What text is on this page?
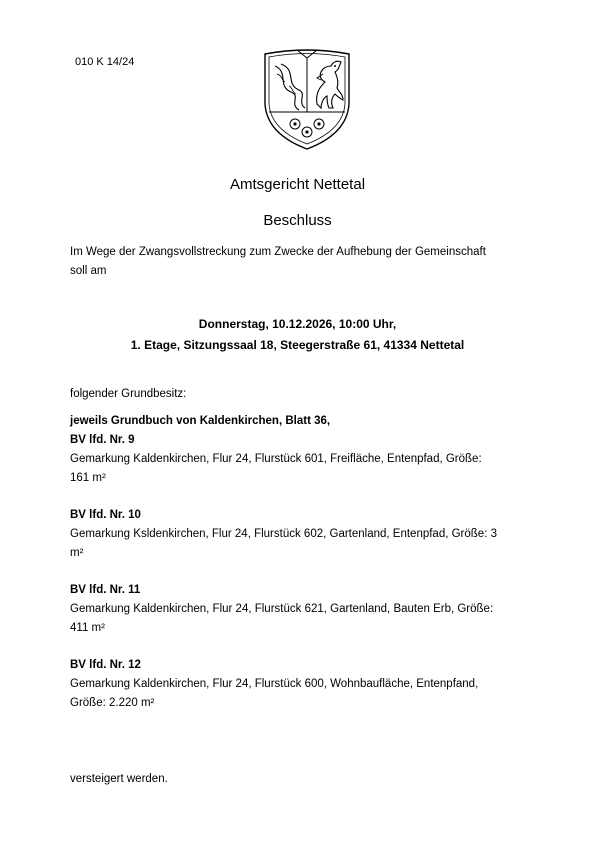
010 K 14/24
Amtsgericht Nettetal
Beschluss
Im Wege der Zwangsvollstreckung zum Zwecke der Aufhebung der Gemeinschaft
soll am
Donnerstag, 10.12.2026, 10:00 Uhr,
1. Etage, Sitzungssaal 18, Steegerstraße 61, 41334 Nettetal

folgender Grundbesitz:

jeweils Grundbuch von Kaldenkirchen, Blatt 36,

BV lfd. Nr. 9

Gemarkung Kaldenkirchen, Flur 24, Flurstück 601, Freifläche, Entenpfad, Größe:

161 m²

BV lfd. Nr. 10

Gemarkung Ksldenkirchen, Flur 24, Flurstück 602, Gartenland, Entenpfad, Größe: 3

m²

BV lfd. Nr. 11

Gemarkung Kaldenkirchen, Flur 24, Flurstück 621, Gartenland, Bauten Erb, Größe:

411 m²

BV lfd. Nr. 12

Gemarkung Kaldenkirchen, Flur 24, Flurstück 600, Wohnbaufläche, Entenpfand,

Größe: 2.220 m²

versteigert werden.
